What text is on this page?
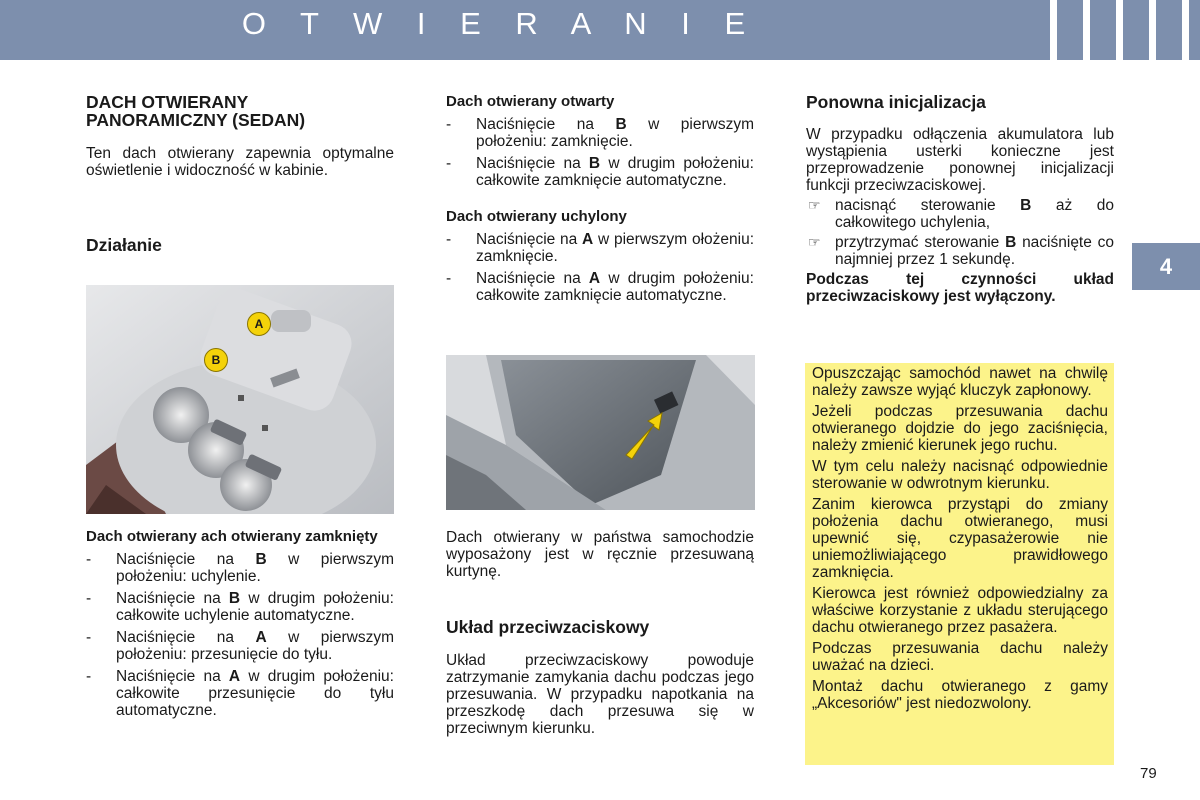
O T W I E R A N I E
4

DACH OTWIERANY PANORAMICZNY (SEDAN)

Ten dach otwierany zapewnia optymalne oświetlenie i widoczność w kabinie.

Działanie

A
B

Dach otwierany ach otwierany zamknięty

- Naciśnięcie na B w pierwszym położeniu: uchylenie.
- Naciśnięcie na B w drugim położeniu: całkowite uchylenie automatyczne.
- Naciśnięcie na A w pierwszym położeniu: przesunięcie do tyłu.
- Naciśnięcie na A w drugim położeniu: całkowite przesunięcie do tyłu automatyczne.

Dach otwierany otwarty

- Naciśnięcie na B w pierwszym położeniu: zamknięcie.
- Naciśnięcie na B w drugim położeniu: całkowite zamknięcie automatyczne.

Dach otwierany uchylony

- Naciśnięcie na A w pierwszym ołożeniu: zamknięcie.
- Naciśnięcie na A w drugim położeniu: całkowite zamknięcie automatyczne.

Dach otwierany w państwa samochodzie wyposażony jest w ręcznie przesuwaną kurtynę.

Układ przeciwzaciskowy

Układ przeciwzaciskowy powoduje zatrzymanie zamykania dachu podczas jego przesuwania. W przypadku napotkania na przeszkodę dach przesuwa się w przeciwnym kierunku.

Ponowna inicjalizacja

W przypadku odłączenia akumulatora lub wystąpienia usterki konieczne jest przeprowadzenie ponownej inicjalizacji funkcji przeciwzaciskowej.

☞ nacisnąć sterowanie B aż do całkowitego uchylenia,
☞ przytrzymać sterowanie B naciśnięte co najmniej przez 1 sekundę.

Podczas tej czynności układ przeciwzaciskowy jest wyłączony.

Opuszczając samochód nawet na chwilę należy zawsze wyjąć kluczyk zapłonowy.

Jeżeli podczas przesuwania dachu otwieranego dojdzie do jego zaciśnięcia, należy zmienić kierunek jego ruchu.

W tym celu należy nacisnąć odpowiednie sterowanie w odwrotnym kierunku.

Zanim kierowca przystąpi do zmiany położenia dachu otwieranego, musi upewnić się, czypasażerowie nie uniemożliwiającego prawidłowego zamknięcia.

Kierowca jest również odpowiedzialny za właściwe korzystanie z układu sterującego dachu otwieranego przez pasażera.

Podczas przesuwania dachu należy uważać na dzieci.

Montaż dachu otwieranego z gamy „Akcesoriów" jest niedozwolony.

79
